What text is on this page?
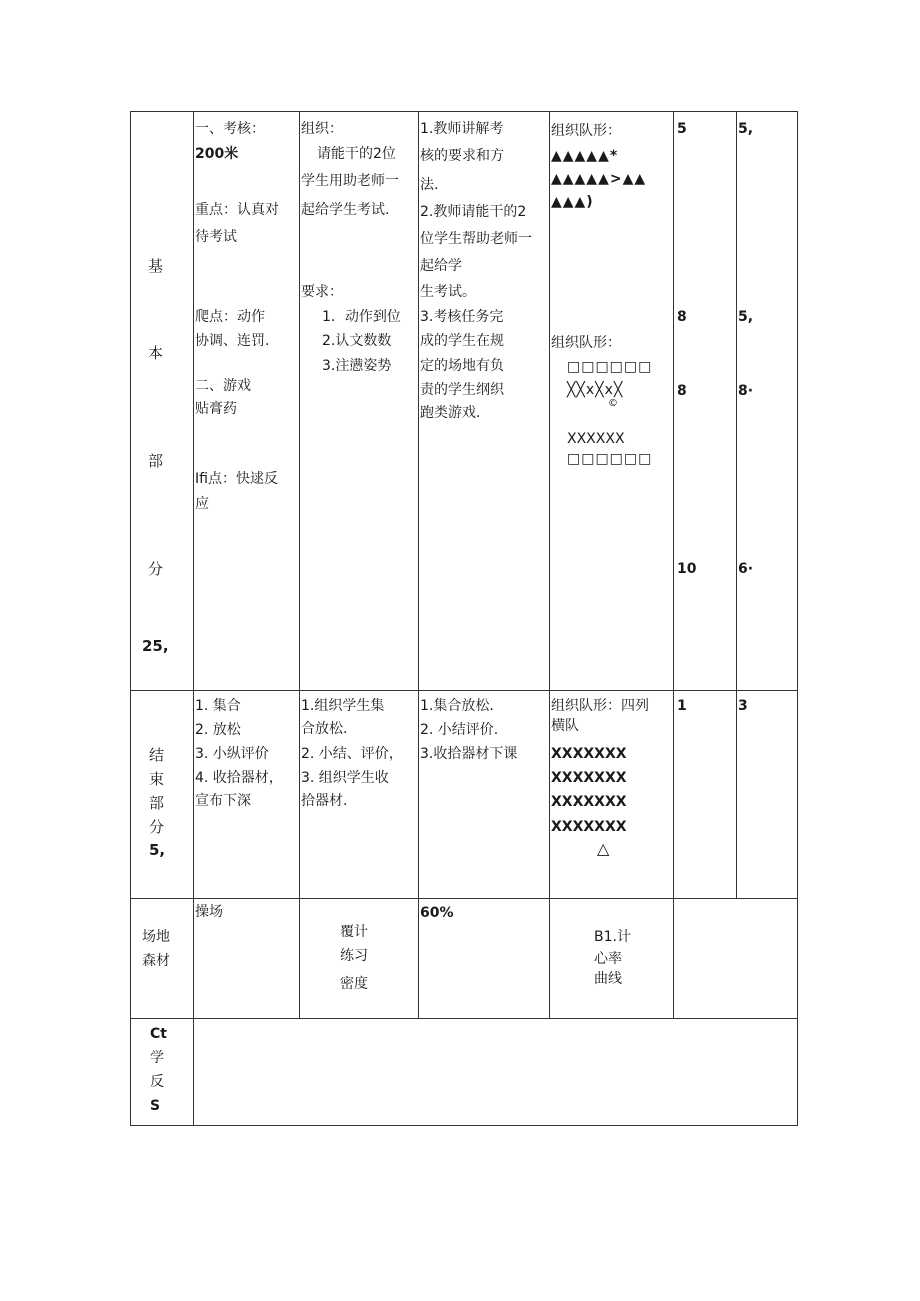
基
本
部
分
25,
一、考核：
200米
重点：认真对
待考试
爬点：动作
协调、连罚.
二、游戏
贴膏药
Ifi点：快逑反
应
组织：
请能干的2位
学生用助老师一
起给学生考试.
要求：
1．动作到位
2.认文数数
3.注懑姿势
1.教师讲解考
核的要求和方
法.
2.教师请能干的2
位学生帮助老师一
起给学
生考试。
3.考核任务完
成的学生在规
定的场地有负
责的学生纲织
跑类游戏.
组织队形：
▲▲▲▲▲*
▲▲▲▲▲>▲▲
▲▲▲)
组织队形：
□□□□□□
╳╳x╳x╳
©
XXXXXX
□□□□□□
5
8
8
10
5,
5,
8·
6·
结
束
部
分
5,
1. 集合
2. 放松
3. 小纵评价
4. 收拾器材，
宣布下深
1.组织学生集
合放松.
2. 小结、评价，
3. 组织学生收
拾器材.
1.集合放松.
2. 小结评价.
3.收拾器材下课
组织队形：四列
横队
XXXXXXX
XXXXXXX
XXXXXXX
XXXXXXX
△
1	3
场地
森材
操场
覆计
练习
密度
60%
B1.计
心率
曲线
Ct
学
反
S
